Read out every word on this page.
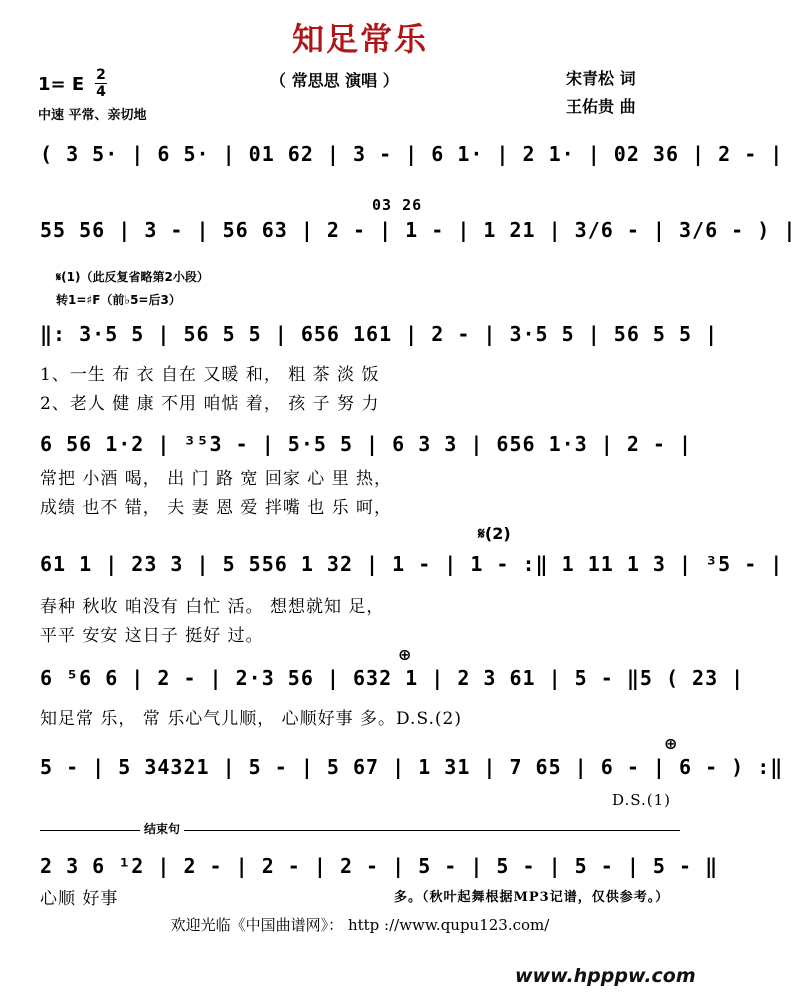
知足常乐
（ 常思思 演唱 ）	宋青松 词
王佑贵 曲
1= E 2
4
中速 平常、亲切地
( 3 5· | 6 5· | 01 62 | 3 - | 6 1· | 2 1· | 02 36 | 2 - |
03 26
55 56 | 3 - | 56 63 | 2 - | 1 - | 1 21 | 3/6 - | 3/6 - ) |
𝄋(1)（此反复省略第2小段）
转1=♯F（前♭5=后3）
‖: 3·5 5 | 56 5 5 | 656 161 | 2 - | 3·5 5 | 56 5 5 |
1、一生 布 衣 自在 又暖 和， 粗 茶 淡 饭
2、老人 健 康 不用 咱惦 着， 孩 子 努 力
6 56 1·2 | ³⁵3 - | 5·5 5 | 6 3 3 | 656 1·3 | 2 - |
常把 小酒 喝， 出 门 路 宽 回家 心 里 热，
成绩 也不 错， 夫 妻 恩 爱 拌嘴 也 乐 呵，
𝄋(2)
61 1 | 23 3 | 5 556 1 32 | 1 - | 1 - :‖ 1 11 1 3 | ³5 - |
春种 秋收 咱没有 白忙 活。 想想就知 足，
平平 安安 这日子 挺好 过。
⊕
6 ⁵6 6 | 2 - | 2·3 56 | 632 1 | 2 3 61 | 5 - ‖5 ( 23 |
知足常 乐， 常 乐心气儿顺， 心顺好事 多。D.S.(2)
⊕
5 - | 5 34321 | 5 - | 5 67 | 1 31 | 7 65 | 6 - | 6 - ) :‖
D.S.(1)
结束句
2 3 6 ¹2 | 2 - | 2 - | 2 - | 5 - | 5 - | 5 - | 5 - ‖
心顺 好事	多。（秋叶起舞根据MP3记谱，仅供参考。）
欢迎光临《中国曲谱网》： http ://www.qupu123.com/
www.hpppw.com
